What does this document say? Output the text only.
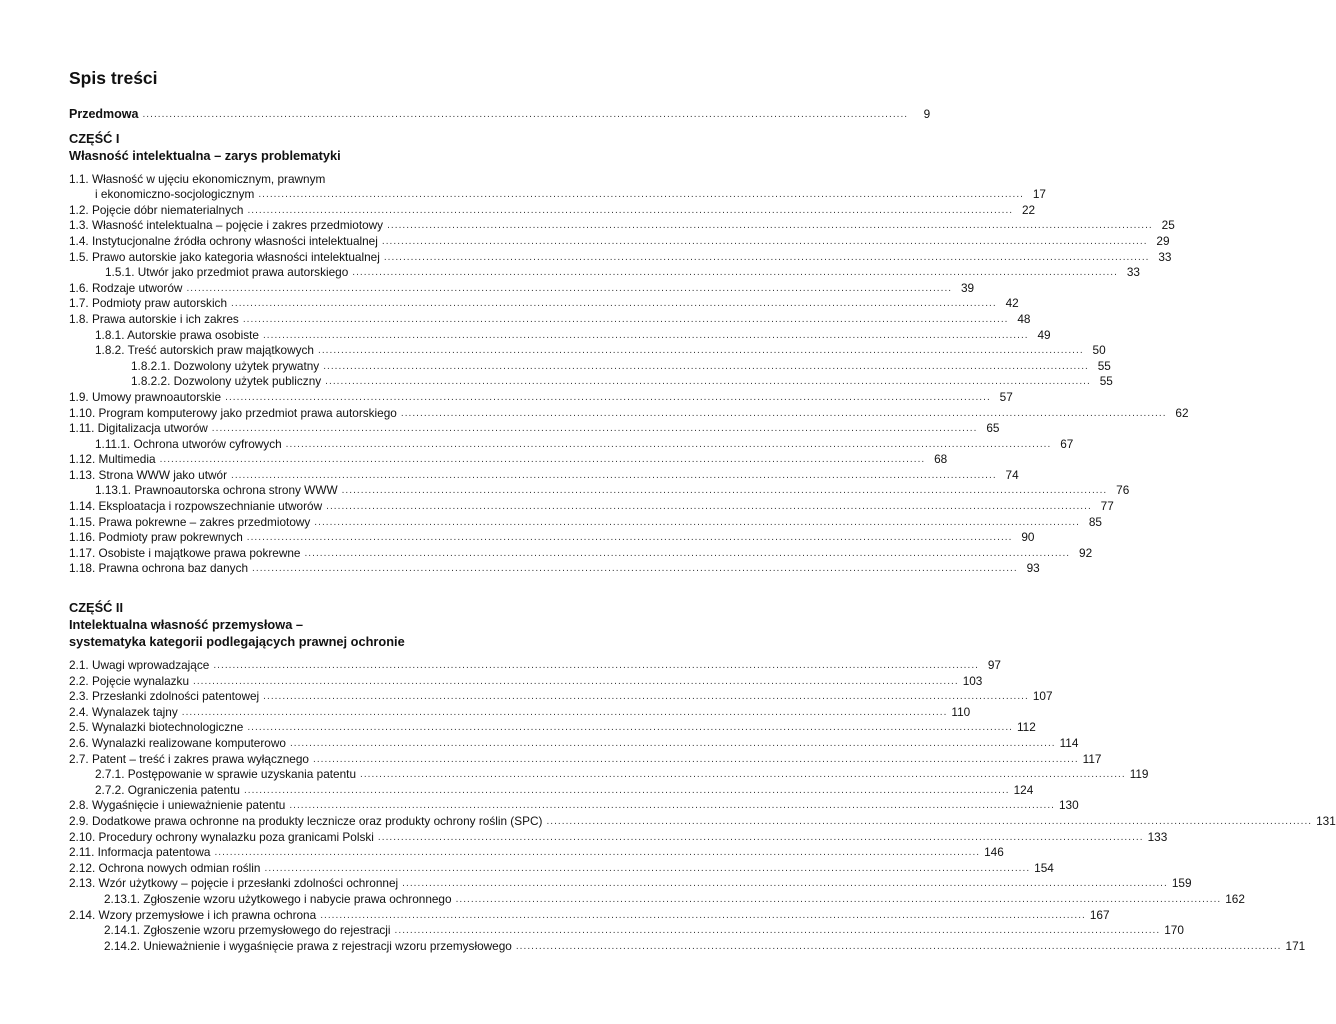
Spis treści
Przedmowa ........................................................................................................................................................................................................	9
CZĘŚĆ I
Własność intelektualna – zarys problematyki
1.1. Własność w ujęciu ekonomicznym, prawnym
i ekonomiczno-socjologicznym ........................................................................................................................................................................................................ 17
1.2. Pojęcie dóbr niematerialnych ........................................................................................................................................................................................................ 22
1.3. Własność intelektualna – pojęcie i zakres przedmiotowy ........................................................................................................................................................................................................ 25
1.4. Instytucjonalne źródła ochrony własności intelektualnej ........................................................................................................................................................................................................ 29
1.5. Prawo autorskie jako kategoria własności intelektualnej ........................................................................................................................................................................................................ 33
1.5.1. Utwór jako przedmiot prawa autorskiego ........................................................................................................................................................................................................ 33
1.6. Rodzaje utworów ........................................................................................................................................................................................................ 39
1.7. Podmioty praw autorskich ........................................................................................................................................................................................................ 42
1.8. Prawa autorskie i ich zakres ........................................................................................................................................................................................................ 48
1.8.1. Autorskie prawa osobiste ........................................................................................................................................................................................................ 49
1.8.2. Treść autorskich praw majątkowych ........................................................................................................................................................................................................ 50
1.8.2.1. Dozwolony użytek prywatny ........................................................................................................................................................................................................ 55
1.8.2.2. Dozwolony użytek publiczny ........................................................................................................................................................................................................ 55
1.9. Umowy prawnoautorskie ........................................................................................................................................................................................................ 57
1.10. Program komputerowy jako przedmiot prawa autorskiego ........................................................................................................................................................................................................ 62
1.11. Digitalizacja utworów ........................................................................................................................................................................................................ 65
1.11.1. Ochrona utworów cyfrowych ........................................................................................................................................................................................................ 67
1.12. Multimedia ........................................................................................................................................................................................................ 68
1.13. Strona WWW jako utwór ........................................................................................................................................................................................................ 74
1.13.1. Prawnoautorska ochrona strony WWW ........................................................................................................................................................................................................ 76
1.14. Eksploatacja i rozpowszechnianie utworów ........................................................................................................................................................................................................ 77
1.15. Prawa pokrewne – zakres przedmiotowy ........................................................................................................................................................................................................ 85
1.16. Podmioty praw pokrewnych ........................................................................................................................................................................................................ 90
1.17. Osobiste i majątkowe prawa pokrewne ........................................................................................................................................................................................................ 92
1.18. Prawna ochrona baz danych ........................................................................................................................................................................................................ 93
CZĘŚĆ II
Intelektualna własność przemysłowa –
systematyka kategorii podlegających prawnej ochronie
2.1. Uwagi wprowadzające ........................................................................................................................................................................................................ 97
2.2. Pojęcie wynalazku ........................................................................................................................................................................................................ 103
2.3. Przesłanki zdolności patentowej ........................................................................................................................................................................................................ 107
2.4. Wynalazek tajny ........................................................................................................................................................................................................ 110
2.5. Wynalazki biotechnologiczne ........................................................................................................................................................................................................ 112
2.6. Wynalazki realizowane komputerowo ........................................................................................................................................................................................................ 114
2.7. Patent – treść i zakres prawa wyłącznego ........................................................................................................................................................................................................ 117
2.7.1. Postępowanie w sprawie uzyskania patentu ........................................................................................................................................................................................................ 119
2.7.2. Ograniczenia patentu ........................................................................................................................................................................................................ 124
2.8. Wygaśnięcie i unieważnienie patentu ........................................................................................................................................................................................................ 130
2.9. Dodatkowe prawa ochronne na produkty lecznicze oraz produkty ochrony roślin (SPC) ........................................................................................................................................................................................................ 131
2.10. Procedury ochrony wynalazku poza granicami Polski ........................................................................................................................................................................................................ 133
2.11. Informacja patentowa ........................................................................................................................................................................................................ 146
2.12. Ochrona nowych odmian roślin ........................................................................................................................................................................................................ 154
2.13. Wzór użytkowy – pojęcie i przesłanki zdolności ochronnej ........................................................................................................................................................................................................ 159
2.13.1. Zgłoszenie wzoru użytkowego i nabycie prawa ochronnego ........................................................................................................................................................................................................ 162
2.14. Wzory przemysłowe i ich prawna ochrona ........................................................................................................................................................................................................ 167
2.14.1. Zgłoszenie wzoru przemysłowego do rejestracji ........................................................................................................................................................................................................ 170
2.14.2. Unieważnienie i wygaśnięcie prawa z rejestracji wzoru przemysłowego ........................................................................................................................................................................................................ 171
